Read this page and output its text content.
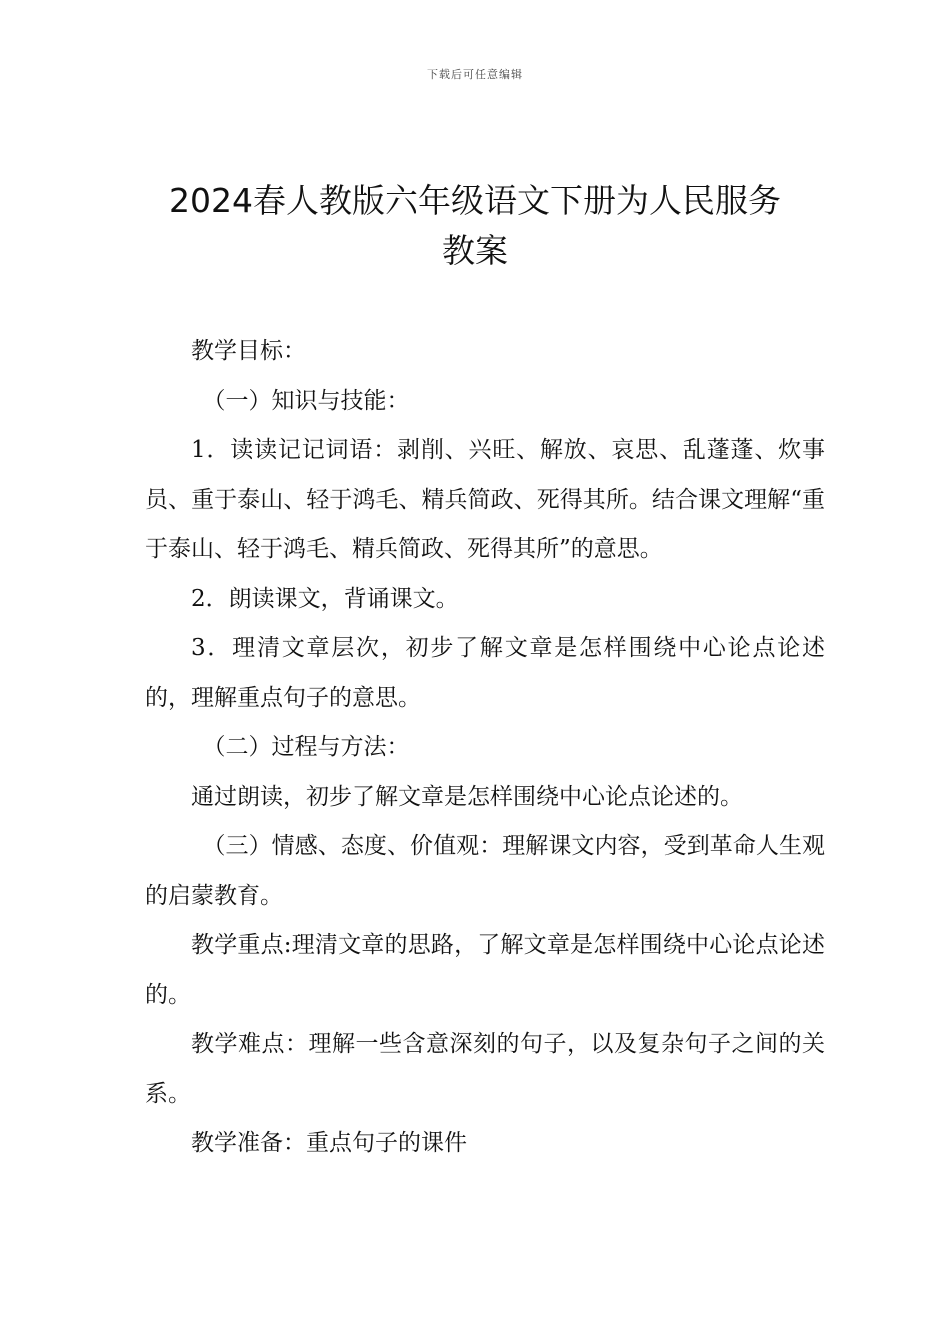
下载后可任意编辑
2024春人教版六年级语文下册为人民服务
教案

教学目标：

（一）知识与技能：

1．读读记记词语：剥削、兴旺、解放、哀思、乱蓬蓬、炊事员、重于泰山、轻于鸿毛、精兵简政、死得其所。结合课文理解“重于泰山、轻于鸿毛、精兵简政、死得其所”的意思。

2．朗读课文，背诵课文。

3．理清文章层次，初步了解文章是怎样围绕中心论点论述的，理解重点句子的意思。

（二）过程与方法：

通过朗读，初步了解文章是怎样围绕中心论点论述的。

（三）情感、态度、价值观：理解课文内容，受到革命人生观的启蒙教育。

教学重点:理清文章的思路，了解文章是怎样围绕中心论点论述的。

教学难点：理解一些含意深刻的句子，以及复杂句子之间的关系。

教学准备：重点句子的课件
